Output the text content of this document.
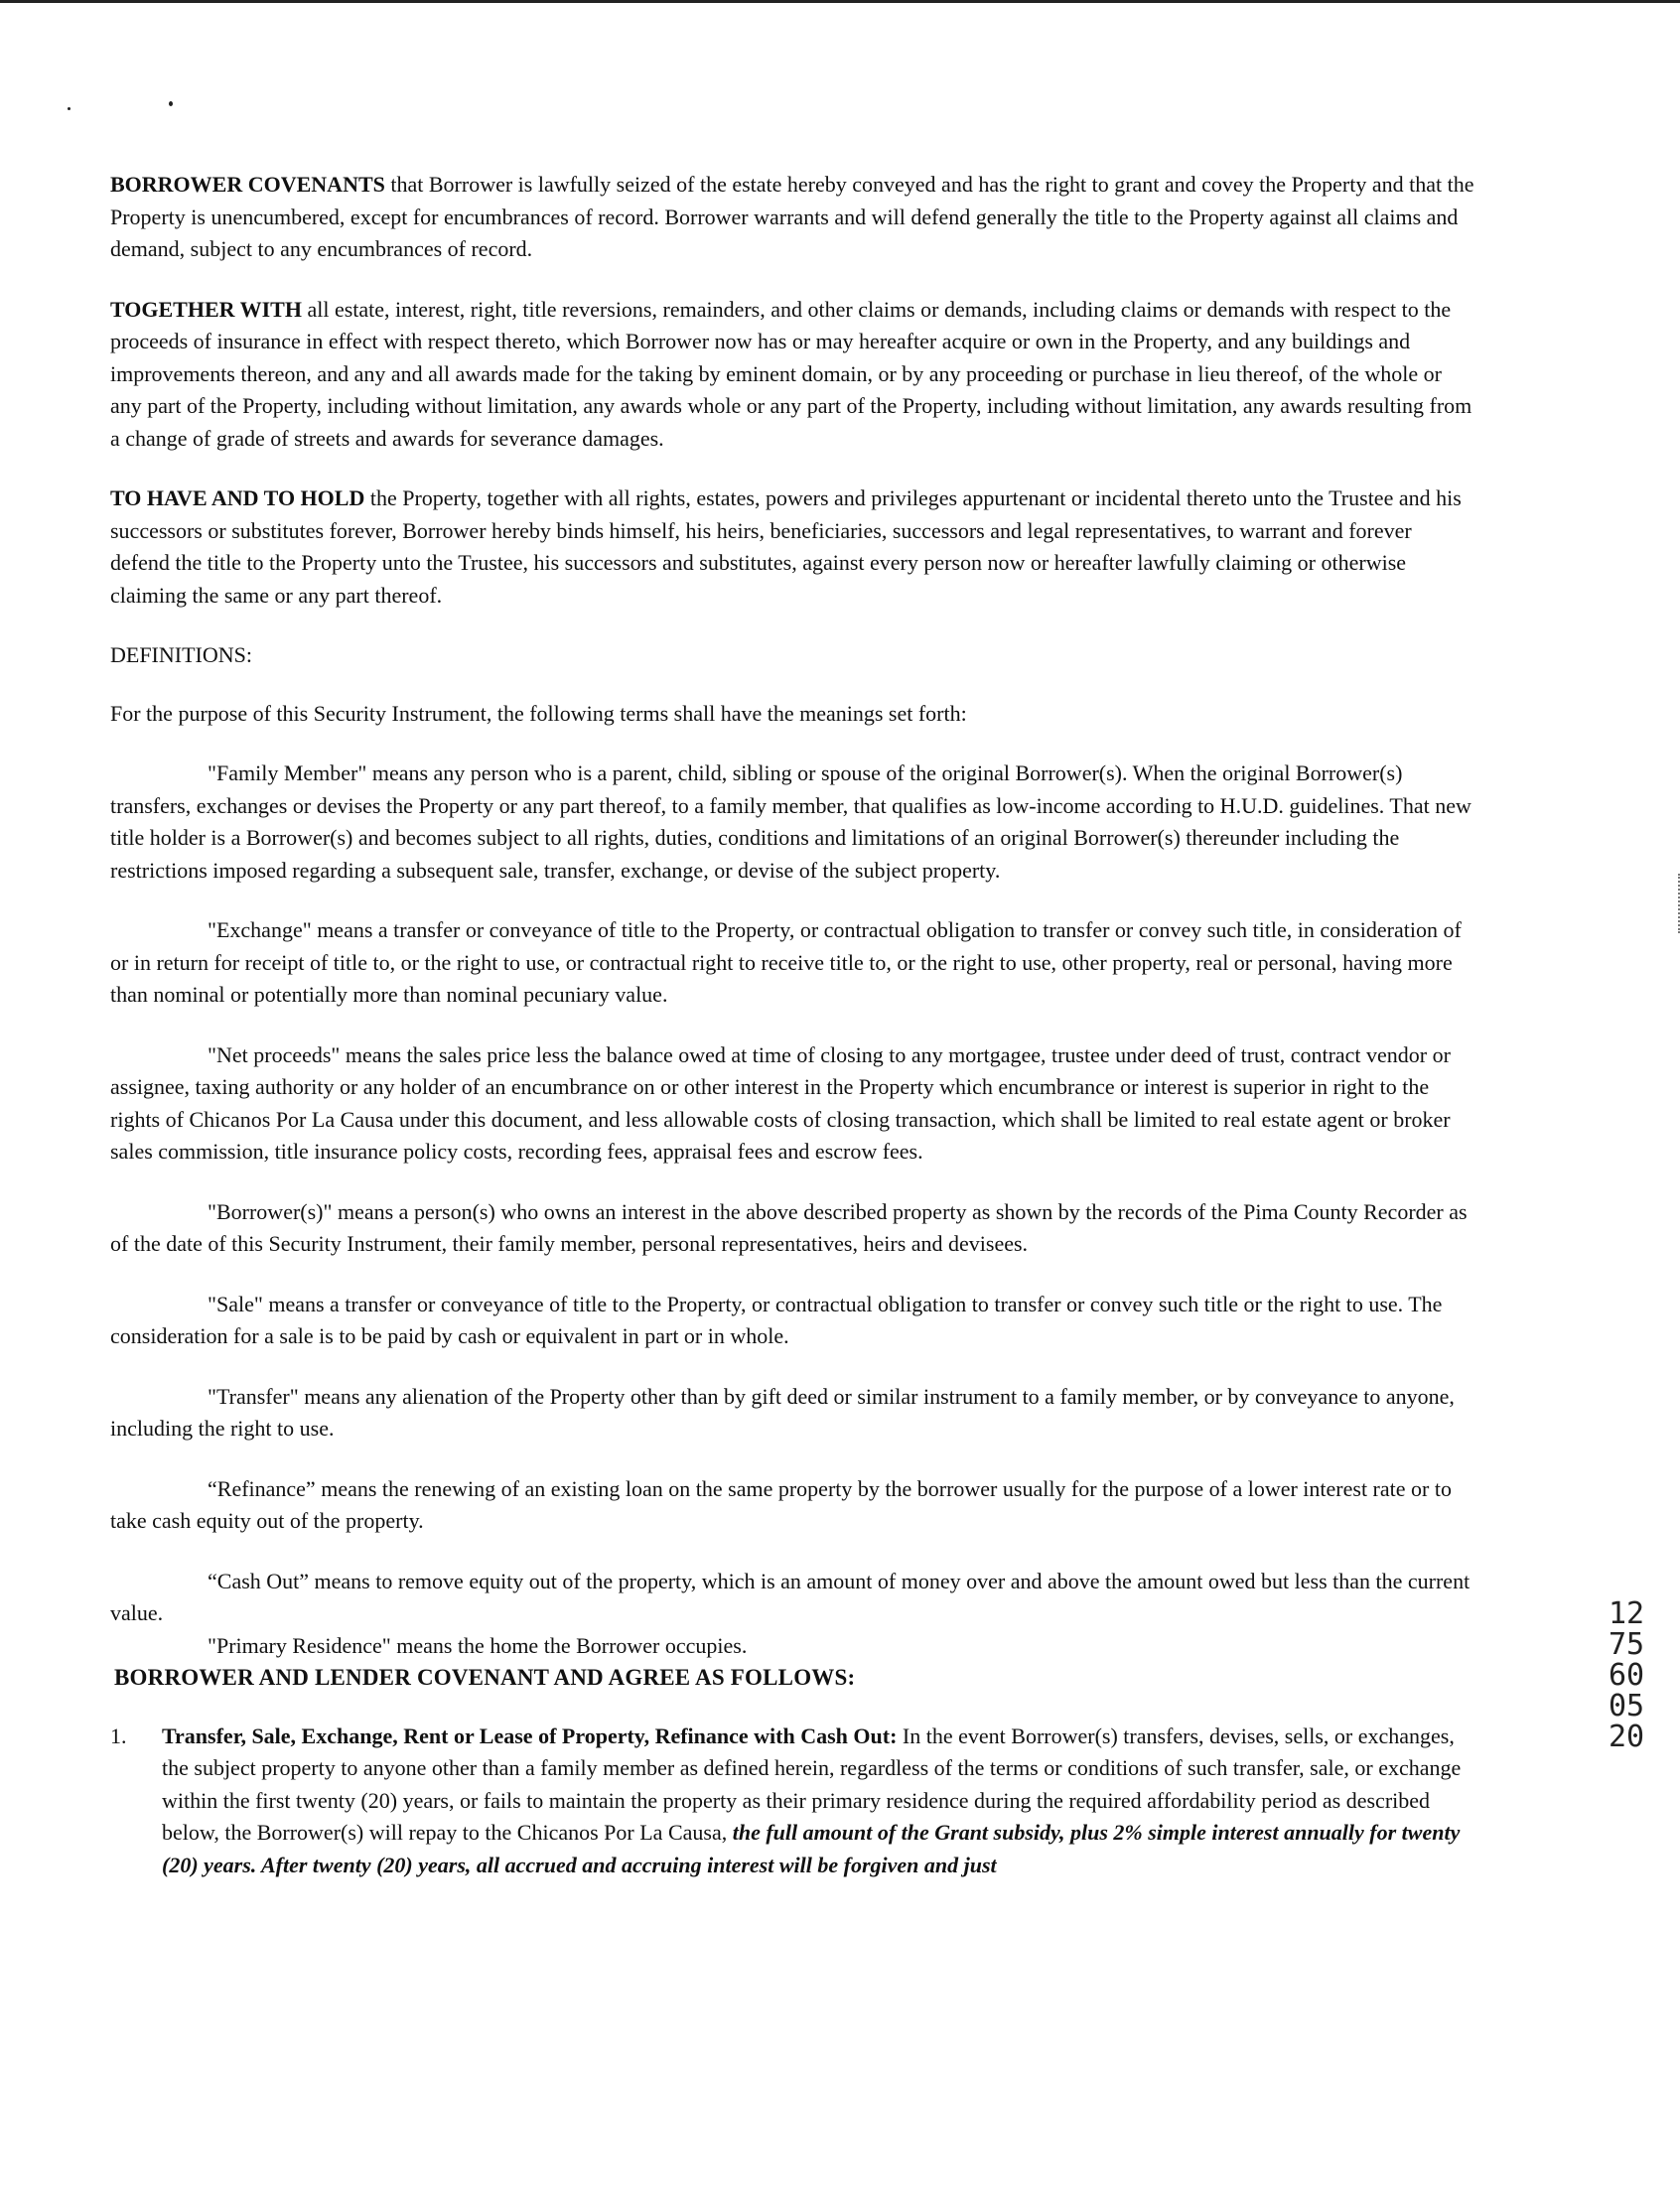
BORROWER COVENANTS that Borrower is lawfully seized of the estate hereby conveyed and has the right to grant and covey the Property and that the Property is unencumbered, except for encumbrances of record. Borrower warrants and will defend generally the title to the Property against all claims and demand, subject to any encumbrances of record.

TOGETHER WITH all estate, interest, right, title reversions, remainders, and other claims or demands, including claims or demands with respect to the proceeds of insurance in effect with respect thereto, which Borrower now has or may hereafter acquire or own in the Property, and any buildings and improvements thereon, and any and all awards made for the taking by eminent domain, or by any proceeding or purchase in lieu thereof, of the whole or any part of the Property, including without limitation, any awards whole or any part of the Property, including without limitation, any awards resulting from a change of grade of streets and awards for severance damages.

TO HAVE AND TO HOLD the Property, together with all rights, estates, powers and privileges appurtenant or incidental thereto unto the Trustee and his successors or substitutes forever, Borrower hereby binds himself, his heirs, beneficiaries, successors and legal representatives, to warrant and forever defend the title to the Property unto the Trustee, his successors and substitutes, against every person now or hereafter lawfully claiming or otherwise claiming the same or any part thereof.

DEFINITIONS:

For the purpose of this Security Instrument, the following terms shall have the meanings set forth:

"Family Member" means any person who is a parent, child, sibling or spouse of the original Borrower(s). When the original Borrower(s) transfers, exchanges or devises the Property or any part thereof, to a family member, that qualifies as low-income according to H.U.D. guidelines. That new title holder is a Borrower(s) and becomes subject to all rights, duties, conditions and limitations of an original Borrower(s) thereunder including the restrictions imposed regarding a subsequent sale, transfer, exchange, or devise of the subject property.

"Exchange" means a transfer or conveyance of title to the Property, or contractual obligation to transfer or convey such title, in consideration of or in return for receipt of title to, or the right to use, or contractual right to receive title to, or the right to use, other property, real or personal, having more than nominal or potentially more than nominal pecuniary value.

"Net proceeds" means the sales price less the balance owed at time of closing to any mortgagee, trustee under deed of trust, contract vendor or assignee, taxing authority or any holder of an encumbrance on or other interest in the Property which encumbrance or interest is superior in right to the rights of Chicanos Por La Causa under this document, and less allowable costs of closing transaction, which shall be limited to real estate agent or broker sales commission, title insurance policy costs, recording fees, appraisal fees and escrow fees.

"Borrower(s)" means a person(s) who owns an interest in the above described property as shown by the records of the Pima County Recorder as of the date of this Security Instrument, their family member, personal representatives, heirs and devisees.

"Sale" means a transfer or conveyance of title to the Property, or contractual obligation to transfer or convey such title or the right to use. The consideration for a sale is to be paid by cash or equivalent in part or in whole.

"Transfer" means any alienation of the Property other than by gift deed or similar instrument to a family member, or by conveyance to anyone, including the right to use.

“Refinance” means the renewing of an existing loan on the same property by the borrower usually for the purpose of a lower interest rate or to take cash equity out of the property.

“Cash Out” means to remove equity out of the property, which is an amount of money over and above the amount owed but less than the current value.

"Primary Residence" means the home the Borrower occupies.

BORROWER AND LENDER COVENANT AND AGREE AS FOLLOWS:

1.	Transfer, Sale, Exchange, Rent or Lease of Property, Refinance with Cash Out: In the event Borrower(s) transfers, devises, sells, or exchanges, the subject property to anyone other than a family member as defined herein, regardless of the terms or conditions of such transfer, sale, or exchange within the first twenty (20) years, or fails to maintain the property as their primary residence during the required affordability period as described below, the Borrower(s) will repay to the Chicanos Por La Causa, the full amount of the Grant subsidy, plus 2% simple interest annually for twenty (20) years. After twenty (20) years, all accrued and accruing interest will be forgiven and just
1275600520
